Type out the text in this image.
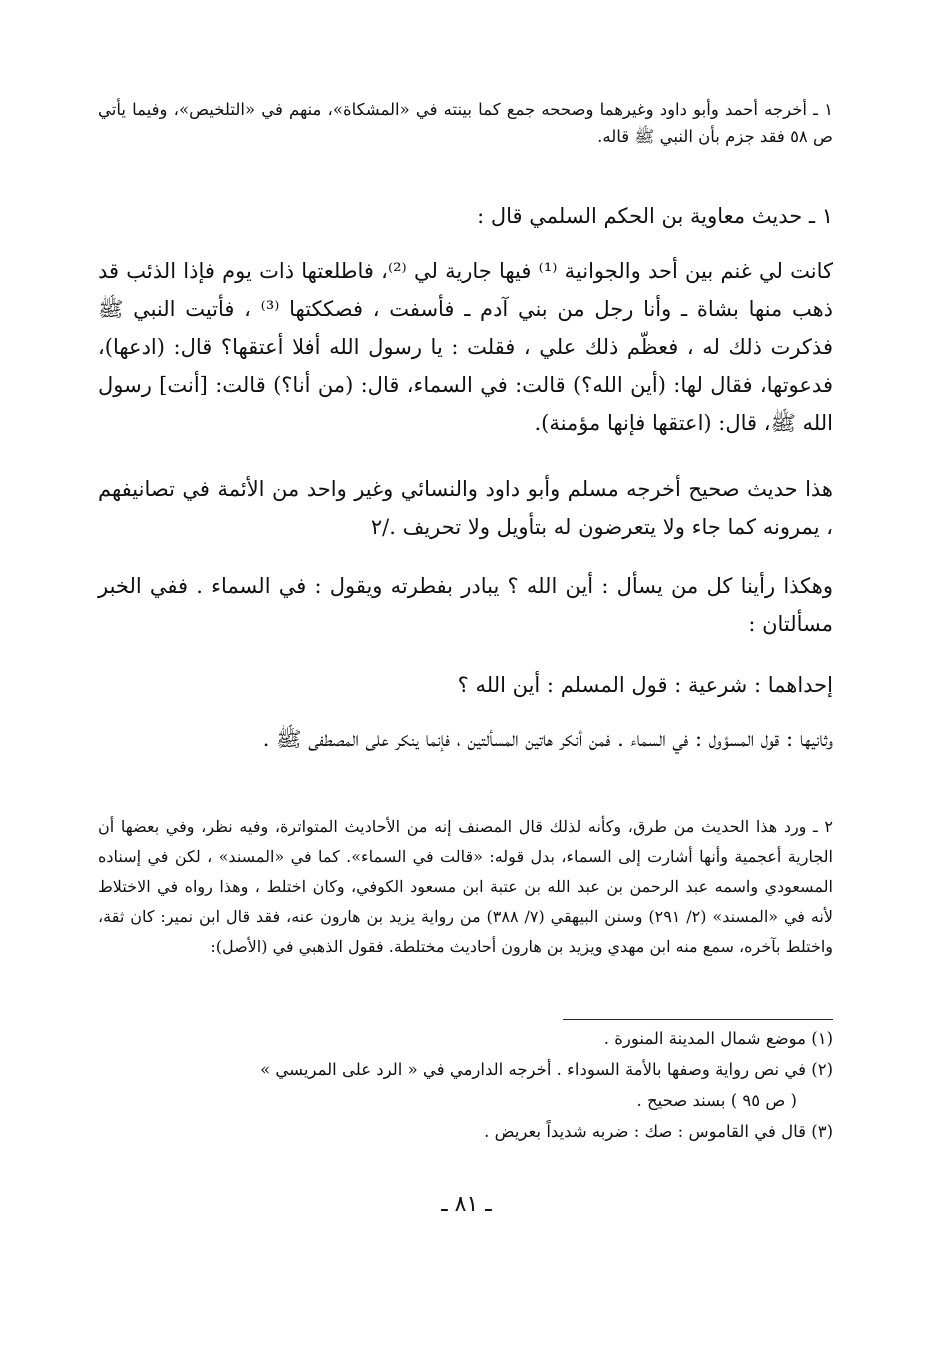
١ ـ أخرجه أحمد وأبو داود وغيرهما وصححه جمع كما بينته في «المشكاة»، منهم في «التلخيص»، وفيما يأتي ص ٥٨ فقد جزم بأن النبي ﷺ قاله.

١ ـ حديث معاوية بن الحكم السلمي قال :

كانت لي غنم بين أحد والجوانية ⁽¹⁾ فيها جارية لي ⁽²⁾، فاطلعتها ذات يوم فإذا الذئب قد ذهب منها بشاة ـ وأنا رجل من بني آدم ـ فأسفت ، فصككتها ⁽³⁾ ، فأتيت النبي ﷺ فذكرت ذلك له ، فعظّم ذلك علي ، فقلت : يا رسول الله أفلا أعتقها؟ قال: (ادعها)، فدعوتها، فقال لها: (أين الله؟) قالت: في السماء، قال: (من أنا؟) قالت: [أنت] رسول الله ﷺ، قال: (اعتقها فإنها مؤمنة).

هذا حديث صحيح أخرجه مسلم وأبو داود والنسائي وغير واحد من الأئمة في تصانيفهم ، يمرونه كما جاء ولا يتعرضون له بتأويل ولا تحريف ./٢

وهكذا رأينا كل من يسأل : أين الله ؟ يبادر بفطرته ويقول : في السماء . ففي الخبر مسألتان :

إحداهما : شرعية : قول المسلم : أين الله ؟

وثانيها : قول المسؤول : في السماء . فمن أنكر هاتين المسألتين ، فإنما ينكر على المصطفى ﷺ .

٢ ـ ورد هذا الحديث من طرق، وكأنه لذلك قال المصنف إنه من الأحاديث المتواترة، وفيه نظر، وفي بعضها أن الجارية أعجمية وأنها أشارت إلى السماء، بدل قوله: «قالت في السماء». كما في «المسند» ، لكن في إسناده المسعودي واسمه عبد الرحمن بن عبد الله بن عتبة ابن مسعود الكوفي، وكان اختلط ، وهذا رواه في الاختلاط لأنه في «المسند» (٢/ ٢٩١) وسنن البيهقي (٧/ ٣٨٨) من رواية يزيد بن هارون عنه، فقد قال ابن نمير: كان ثقة، واختلط بآخره، سمع منه ابن مهدي ويزيد بن هارون أحاديث مختلطة. فقول الذهبي في (الأصل):

(١) موضع شمال المدينة المنورة .

(٢) في نص رواية وصفها بالأمة السوداء . أخرجه الدارمي في « الرد على المريسي »

( ص ٩٥ ) بسند صحيح .

(٣) قال في القاموس : صك : ضربه شديداً بعريض .

ـ ٨١ ـ
